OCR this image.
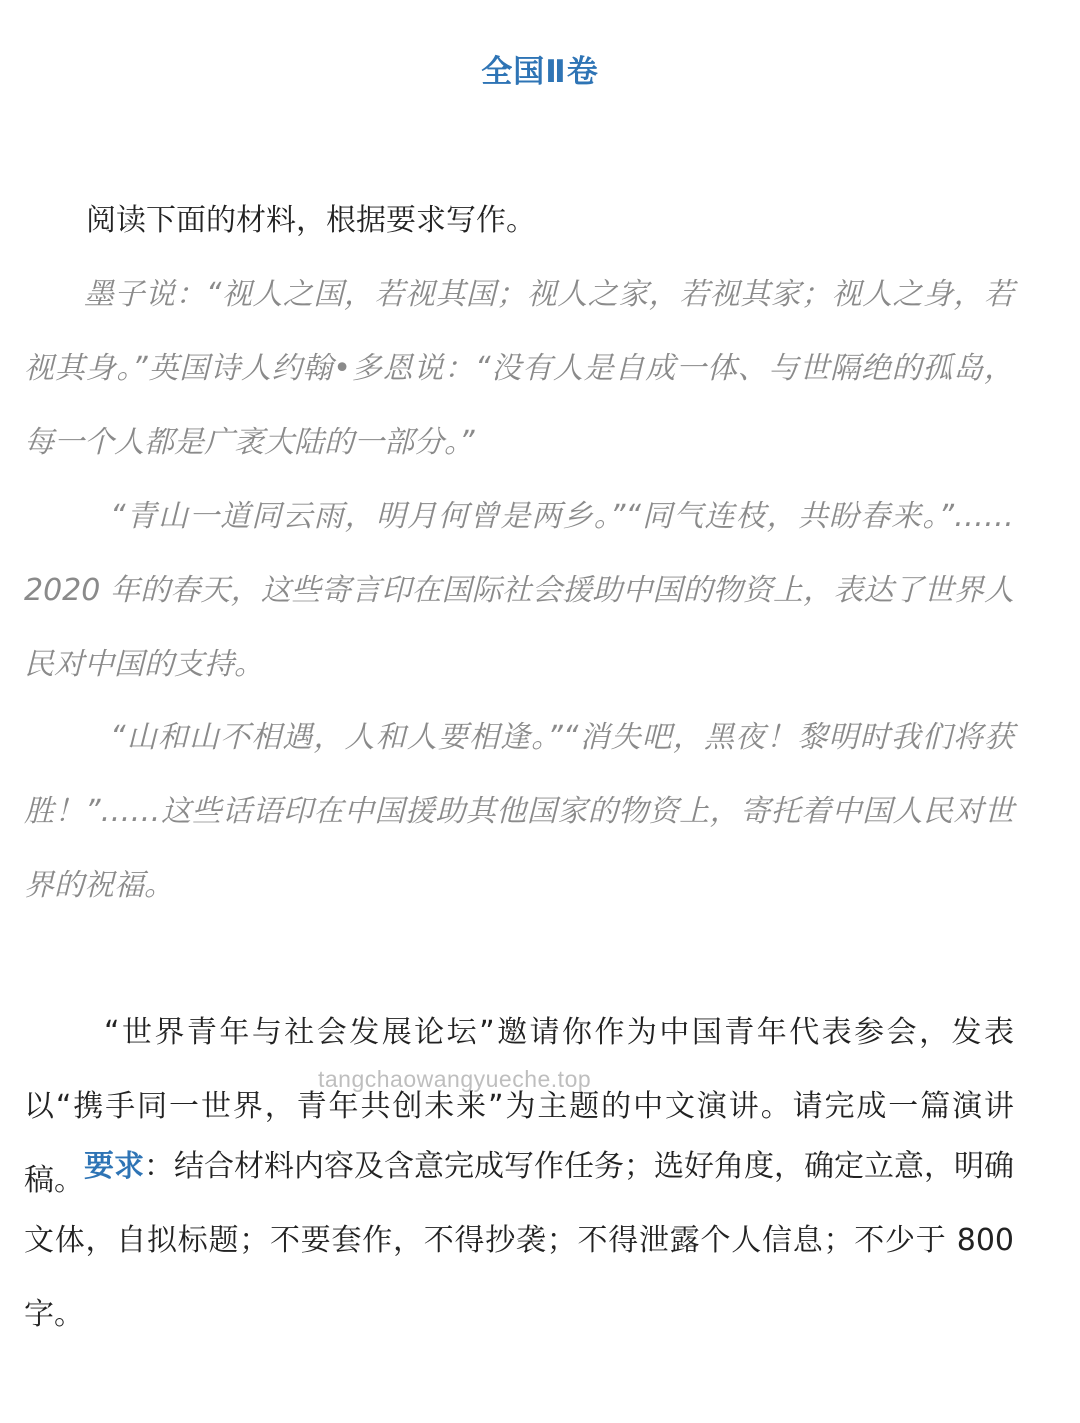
全国Ⅱ卷

阅读下面的材料，根据要求写作。

墨子说：“视人之国，若视其国；视人之家，若视其家；视人之身，若视其身。”英国诗人约翰•多恩说：“没有人是自成一体、与世隔绝的孤岛，每一个人都是广袤大陆的一部分。”

“青山一道同云雨，明月何曾是两乡。”“同气连枝，共盼春来。”……2020 年的春天，这些寄言印在国际社会援助中国的物资上，表达了世界人民对中国的支持。

“山和山不相遇，人和人要相逢。”“消失吧，黑夜！黎明时我们将获胜！”……这些话语印在中国援助其他国家的物资上，寄托着中国人民对世界的祝福。

“世界青年与社会发展论坛”邀请你作为中国青年代表参会，发表以“携手同一世界，青年共创未来”为主题的中文演讲。请完成一篇演讲稿。 要求：结合材料内容及含意完成写作任务；选好角度，确定立意，明确文体，自拟标题；不要套作，不得抄袭；不得泄露个人信息；不少于 800 字。

tangchaowangyueche.top
